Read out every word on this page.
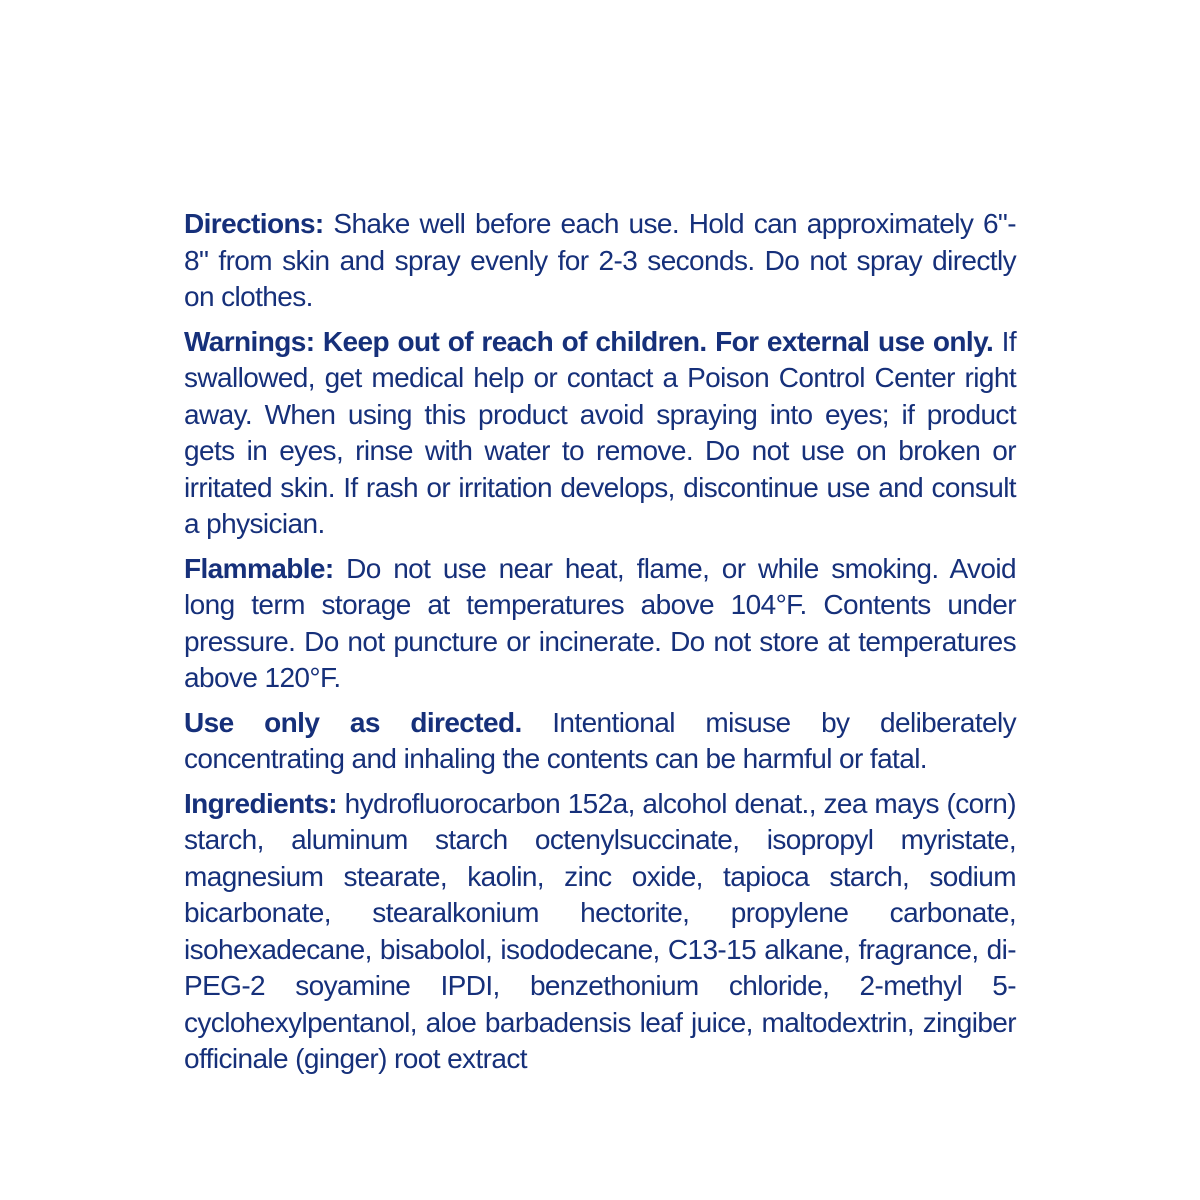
Directions: Shake well before each use. Hold can approximately 6"- 8" from skin and spray evenly for 2-3 seconds. Do not spray directly on clothes.

Warnings: Keep out of reach of children. For external use only. If swallowed, get medical help or contact a Poison Control Center right away. When using this product avoid spraying into eyes; if product gets in eyes, rinse with water to remove. Do not use on broken or irritated skin. If rash or irritation develops, discontinue use and consult a physician.

Flammable: Do not use near heat, flame, or while smoking. Avoid long term storage at temperatures above 104°F. Contents under pressure. Do not puncture or incinerate. Do not store at temperatures above 120°F.

Use only as directed. Intentional misuse by deliberately concentrating and inhaling the contents can be harmful or fatal.

Ingredients: hydrofluorocarbon 152a, alcohol denat., zea mays (corn) starch, aluminum starch octenylsuccinate, isopropyl myristate, magnesium stearate, kaolin, zinc oxide, tapioca starch, sodium bicarbonate, stearalkonium hectorite, propylene carbonate, isohexadecane, bisabolol, isododecane, C13-15 alkane, fragrance, di-PEG-2 soyamine IPDI, benzethonium chloride, 2-methyl 5-cyclohexylpentanol, aloe barbadensis leaf juice, maltodextrin, zingiber officinale (ginger) root extract
